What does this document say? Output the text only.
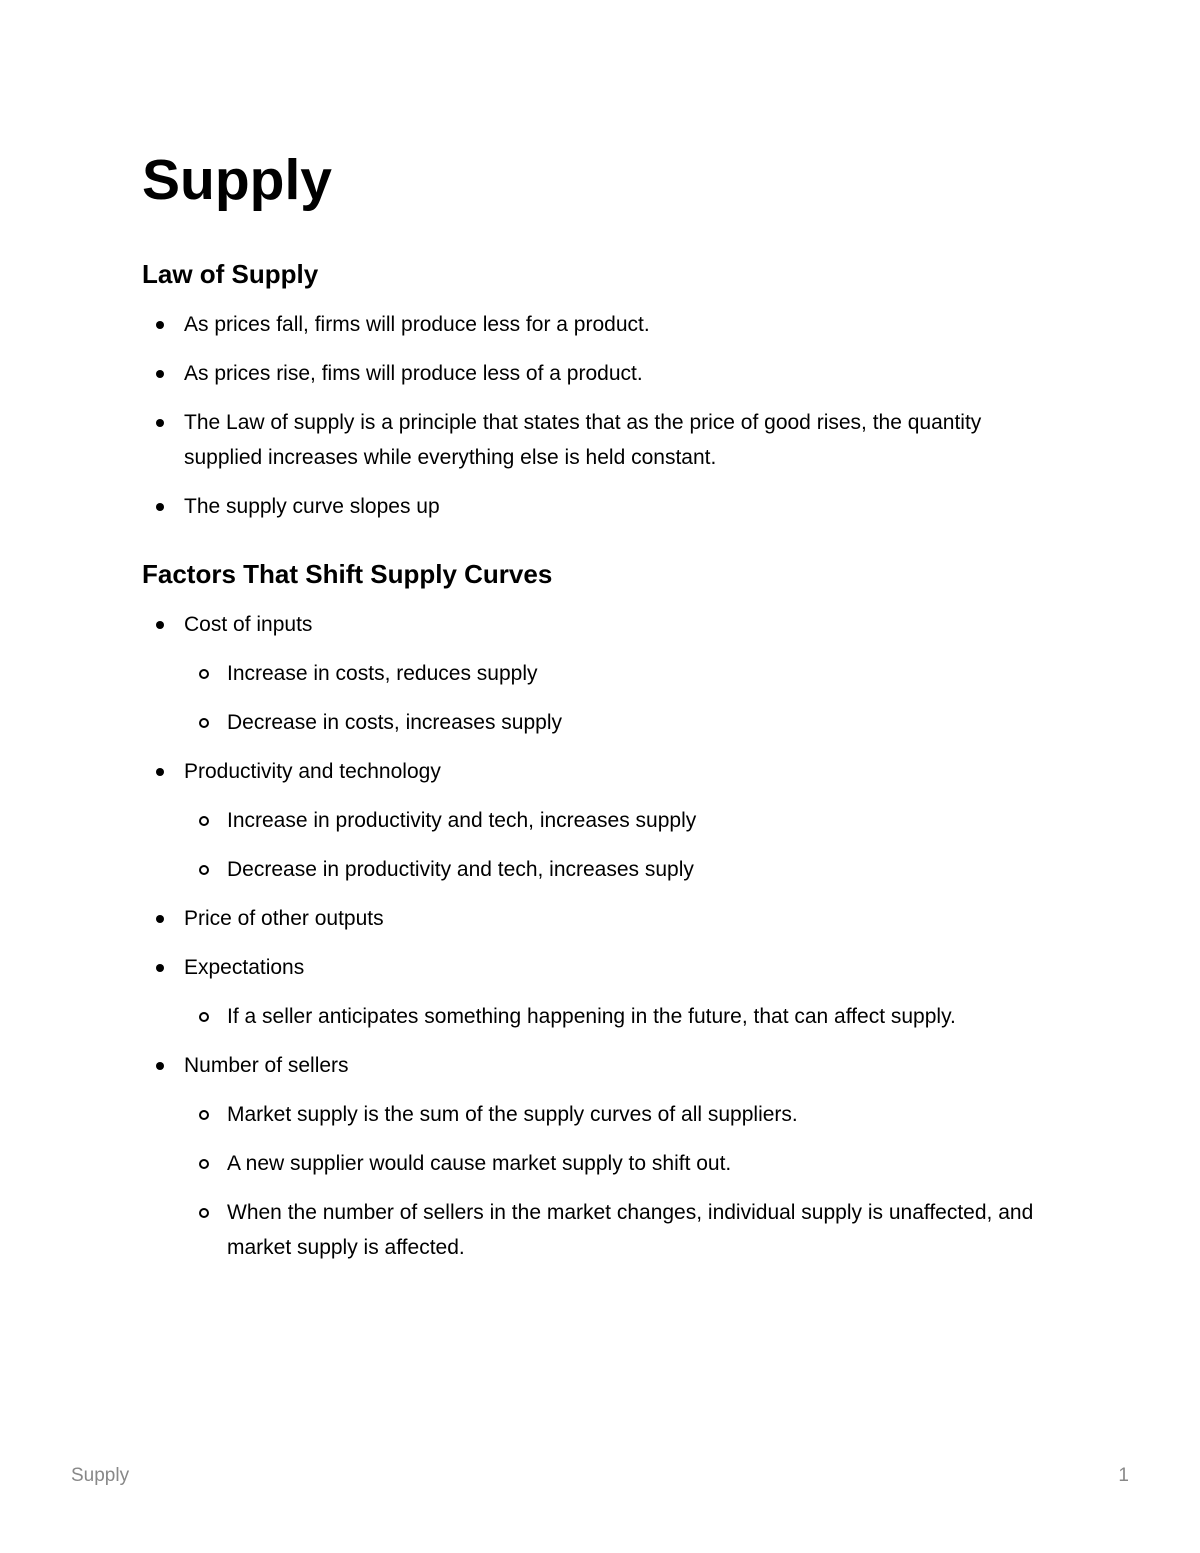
Supply
Law of Supply
As prices fall, firms will produce less for a product.
As prices rise, fims will produce less of a product.
The Law of supply is a principle that states that as the price of good rises, the quantity supplied increases while everything else is held constant.
The supply curve slopes up
Factors That Shift Supply Curves
Cost of inputs
Increase in costs, reduces supply
Decrease in costs, increases supply
Productivity and technology
Increase in productivity and tech, increases supply
Decrease in productivity and tech, increases suply
Price of other outputs
Expectations
If a seller anticipates something happening in the future, that can affect supply.
Number of sellers
Market supply is the sum of the supply curves of all suppliers.
A new supplier would cause market supply to shift out.
When the number of sellers in the market changes, individual supply is unaffected, and market supply is affected.
Supply	1
